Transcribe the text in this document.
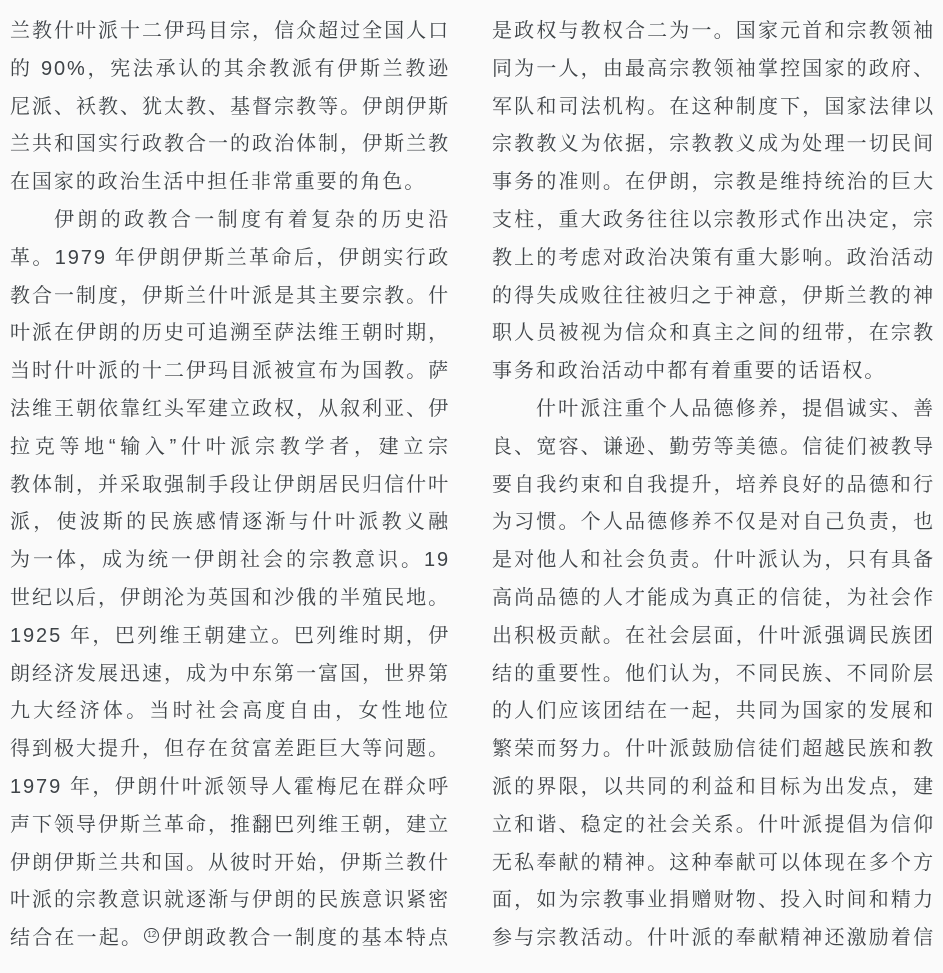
兰教什叶派十二伊玛目宗，信众超过全国人口
的 90%，宪法承认的其余教派有伊斯兰教逊
尼派、袄教、犹太教、基督宗教等。伊朗伊斯
兰共和国实行政教合一的政治体制，伊斯兰教
在国家的政治生活中担任非常重要的角色。
伊朗的政教合一制度有着复杂的历史沿
革。1979 年伊朗伊斯兰革命后，伊朗实行政
教合一制度，伊斯兰什叶派是其主要宗教。什
叶派在伊朗的历史可追溯至萨法维王朝时期，
当时什叶派的十二伊玛目派被宣布为国教。萨
法维王朝依靠红头军建立政权，从叙利亚、伊
拉克等地“输入”什叶派宗教学者，建立宗
教体制，并采取强制手段让伊朗居民归信什叶
派，使波斯的民族感情逐渐与什叶派教义融
为一体，成为统一伊朗社会的宗教意识。19
世纪以后，伊朗沦为英国和沙俄的半殖民地。
1925 年，巴列维王朝建立。巴列维时期，伊
朗经济发展迅速，成为中东第一富国，世界第
九大经济体。当时社会高度自由，女性地位
得到极大提升，但存在贫富差距巨大等问题。
1979 年，伊朗什叶派领导人霍梅尼在群众呼
声下领导伊斯兰革命，推翻巴列维王朝，建立
伊朗伊斯兰共和国。从彼时开始，伊斯兰教什
叶派的宗教意识就逐渐与伊朗的民族意识紧密
结合在一起。 12 伊朗政教合一制度的基本特点
是政权与教权合二为一。国家元首和宗教领袖
同为一人，由最高宗教领袖掌控国家的政府、
军队和司法机构。在这种制度下，国家法律以
宗教教义为依据，宗教教义成为处理一切民间
事务的准则。在伊朗，宗教是维持统治的巨大
支柱，重大政务往往以宗教形式作出决定，宗
教上的考虑对政治决策有重大影响。政治活动
的得失成败往往被归之于神意，伊斯兰教的神
职人员被视为信众和真主之间的纽带，在宗教
事务和政治活动中都有着重要的话语权。
什叶派注重个人品德修养，提倡诚实、善
良、宽容、谦逊、勤劳等美德。信徒们被教导
要自我约束和自我提升，培养良好的品德和行
为习惯。个人品德修养不仅是对自己负责，也
是对他人和社会负责。什叶派认为，只有具备
高尚品德的人才能成为真正的信徒，为社会作
出积极贡献。在社会层面，什叶派强调民族团
结的重要性。他们认为，不同民族、不同阶层
的人们应该团结在一起，共同为国家的发展和
繁荣而努力。什叶派鼓励信徒们超越民族和教
派的界限，以共同的利益和目标为出发点，建
立和谐、稳定的社会关系。什叶派提倡为信仰
无私奉献的精神。这种奉献可以体现在多个方
面，如为宗教事业捐赠财物、投入时间和精力
参与宗教活动。什叶派的奉献精神还激励着信
